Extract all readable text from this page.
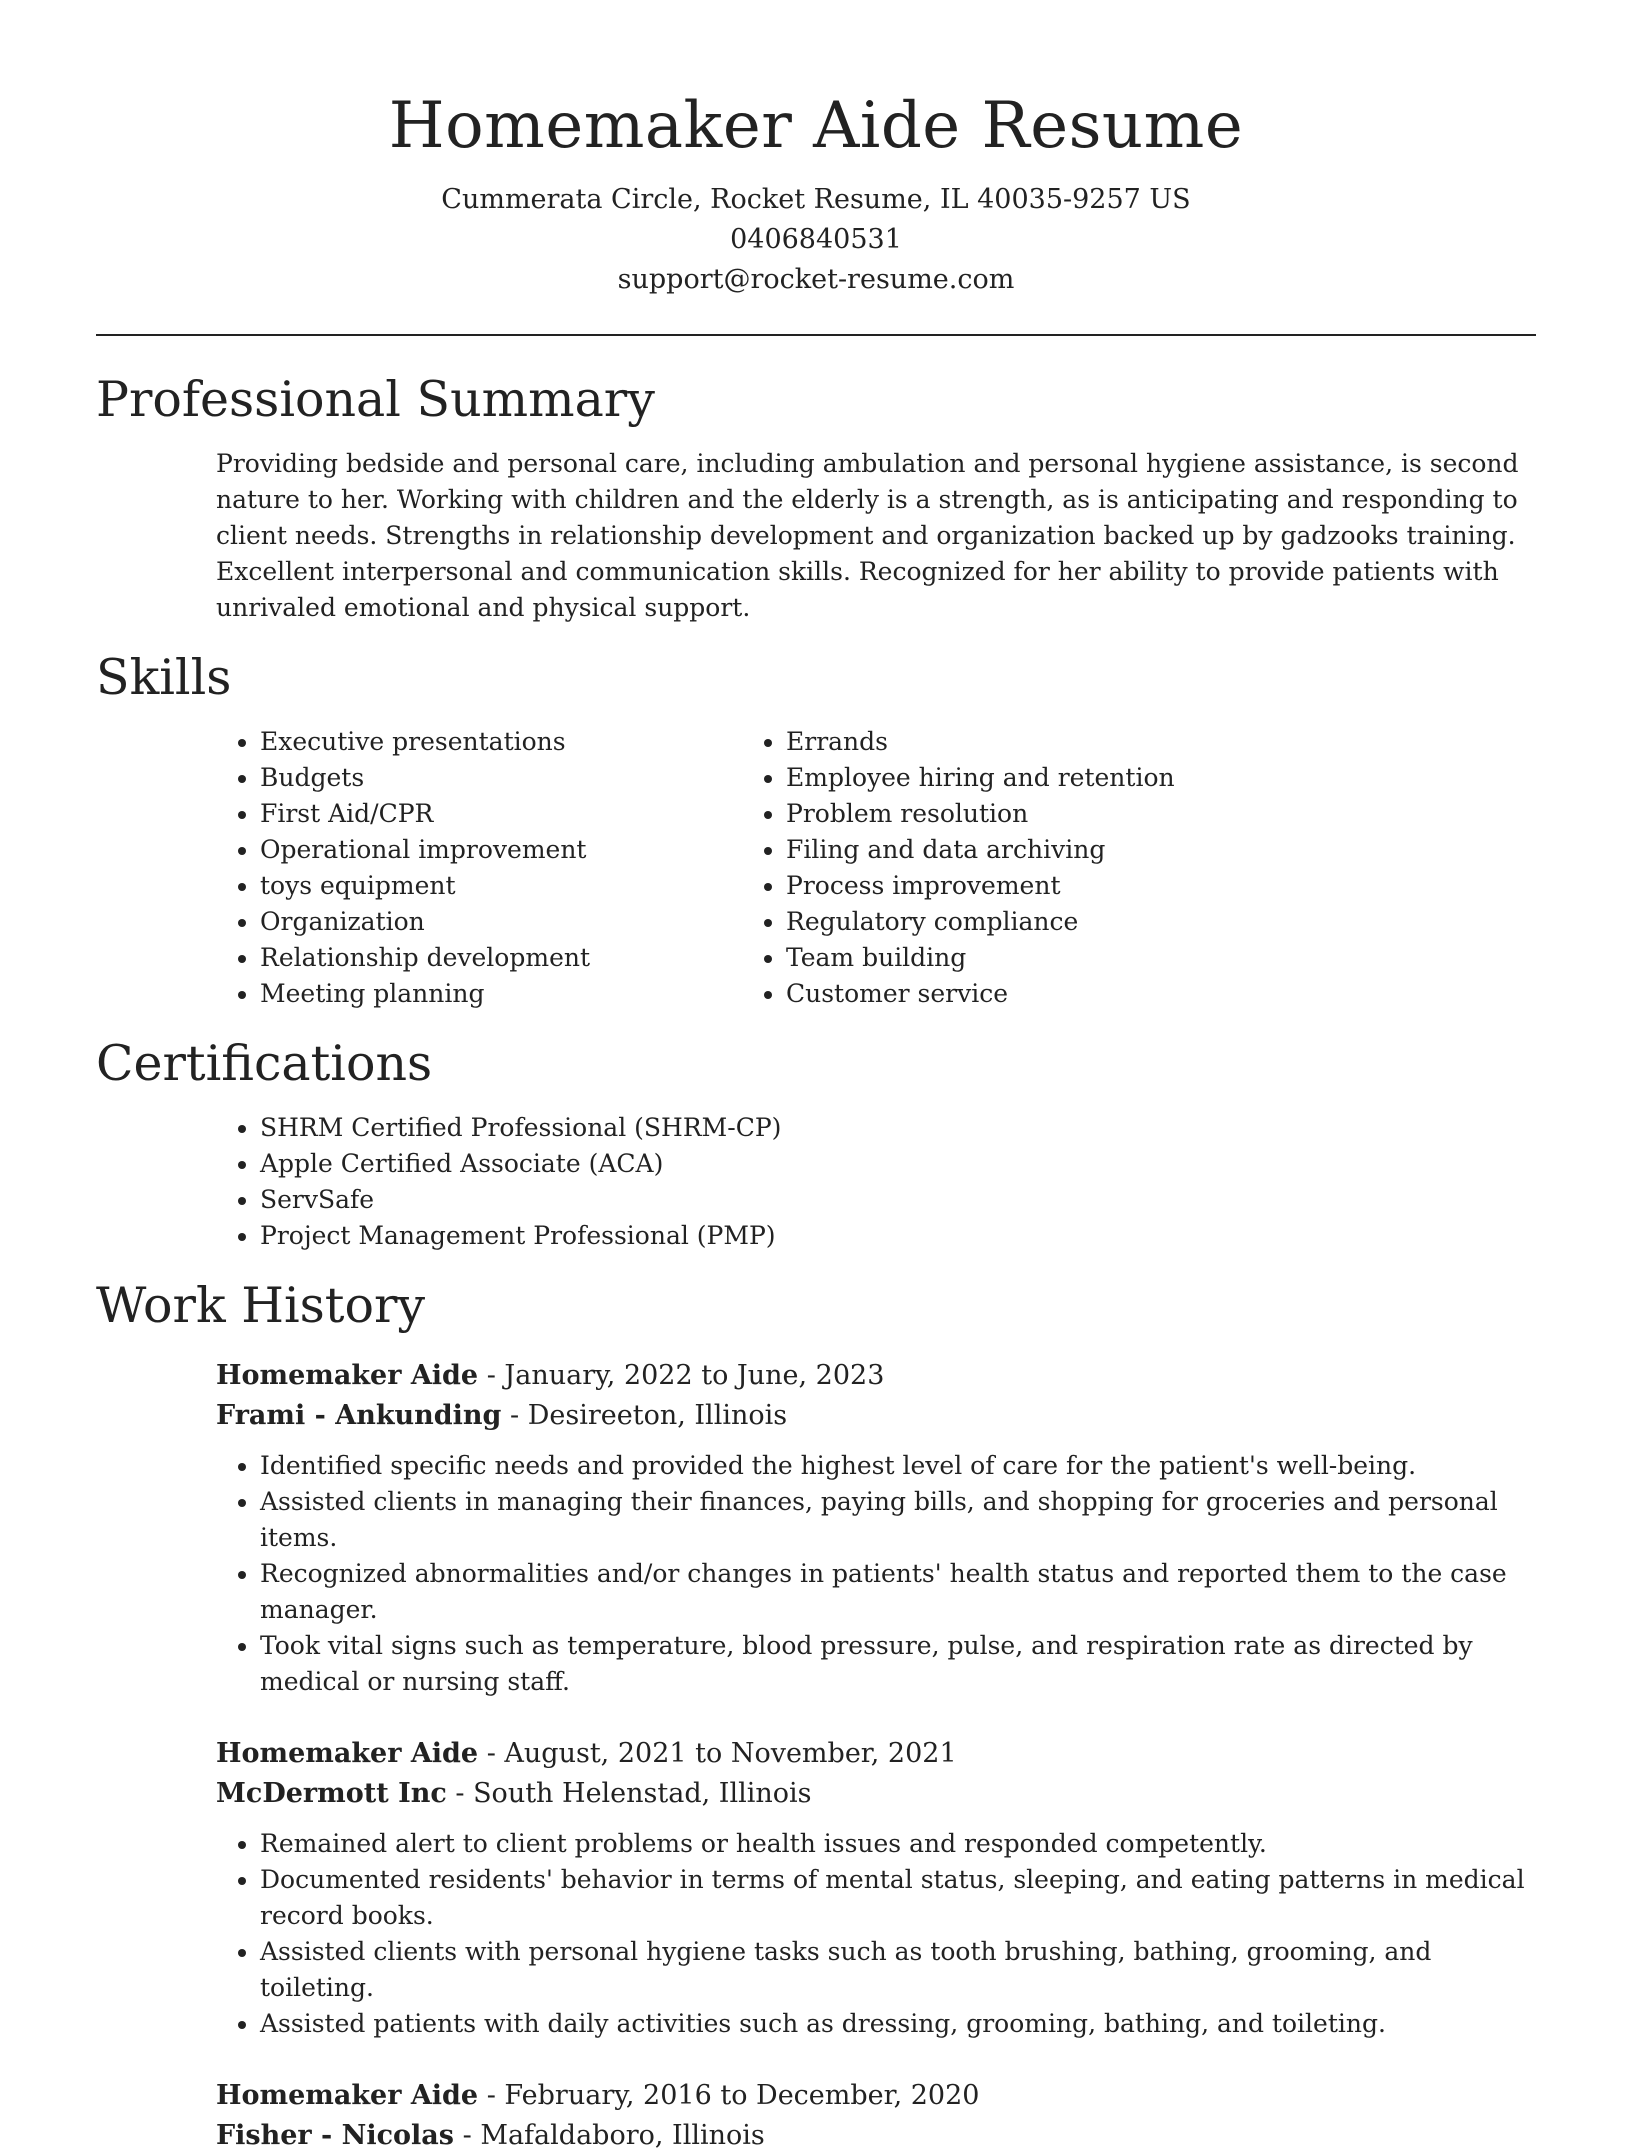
Homemaker Aide Resume

Cummerata Circle, Rocket Resume, IL 40035-9257 US

0406840531

support@rocket-resume.com

Professional Summary

Providing bedside and personal care, including ambulation and personal hygiene assistance, is second nature to her. Working with children and the elderly is a strength, as is anticipating and responding to client needs. Strengths in relationship development and organization backed up by gadzooks training. Excellent interpersonal and communication skills. Recognized for her ability to provide patients with unrivaled emotional and physical support.

Skills
• Executive presentations
• Budgets
• First Aid/CPR
• Operational improvement
• toys equipment
• Organization
• Relationship development
• Meeting planning
• Errands
• Employee hiring and retention
• Problem resolution
• Filing and data archiving
• Process improvement
• Regulatory compliance
• Team building
• Customer service
Certifications
• SHRM Certified Professional (SHRM-CP)
• Apple Certified Associate (ACA)
• ServSafe
• Project Management Professional (PMP)
Work History

Homemaker Aide - January, 2022 to June, 2023

Frami - Ankunding - Desireeton, Illinois

• Identified specific needs and provided the highest level of care for the patient's well-being.
• Assisted clients in managing their finances, paying bills, and shopping for groceries and personal items.
• Recognized abnormalities and/or changes in patients' health status and reported them to the case manager.
• Took vital signs such as temperature, blood pressure, pulse, and respiration rate as directed by medical or nursing staff.

Homemaker Aide - August, 2021 to November, 2021

McDermott Inc - South Helenstad, Illinois

• Remained alert to client problems or health issues and responded competently.
• Documented residents' behavior in terms of mental status, sleeping, and eating patterns in medical record books.
• Assisted clients with personal hygiene tasks such as tooth brushing, bathing, grooming, and toileting.
• Assisted patients with daily activities such as dressing, grooming, bathing, and toileting.

Homemaker Aide - February, 2016 to December, 2020

Fisher - Nicolas - Mafaldaboro, Illinois
